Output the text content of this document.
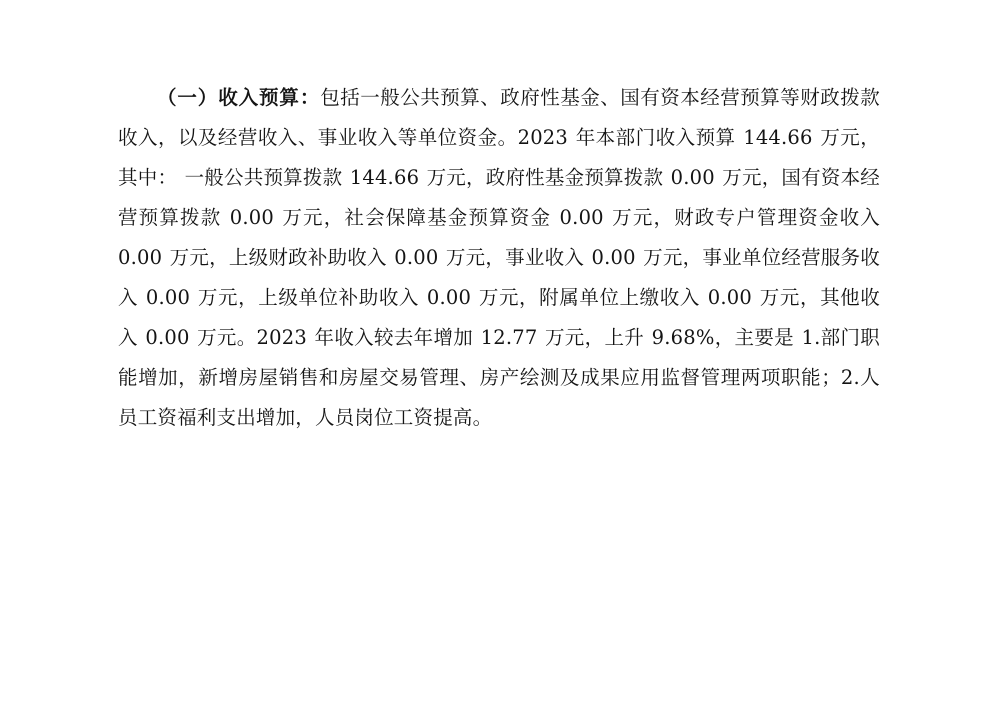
（一）收入预算：包括一般公共预算、政府性基金、国有资本经营预算等财政拨款收入，以及经营收入、事业收入等单位资金。2023 年本部门收入预算 144.66 万元，其中： 一般公共预算拨款 144.66 万元，政府性基金预算拨款 0.00 万元，国有资本经营预算拨款 0.00 万元，社会保障基金预算资金 0.00 万元，财政专户管理资金收入 0.00 万元，上级财政补助收入 0.00 万元，事业收入 0.00 万元，事业单位经营服务收入 0.00 万元，上级单位补助收入 0.00 万元，附属单位上缴收入 0.00 万元，其他收入 0.00 万元。2023 年收入较去年增加 12.77 万元，上升 9.68%，主要是 1.部门职能增加，新增房屋销售和房屋交易管理、房产绘测及成果应用监督管理两项职能；2.人员工资福利支出增加，人员岗位工资提高。
